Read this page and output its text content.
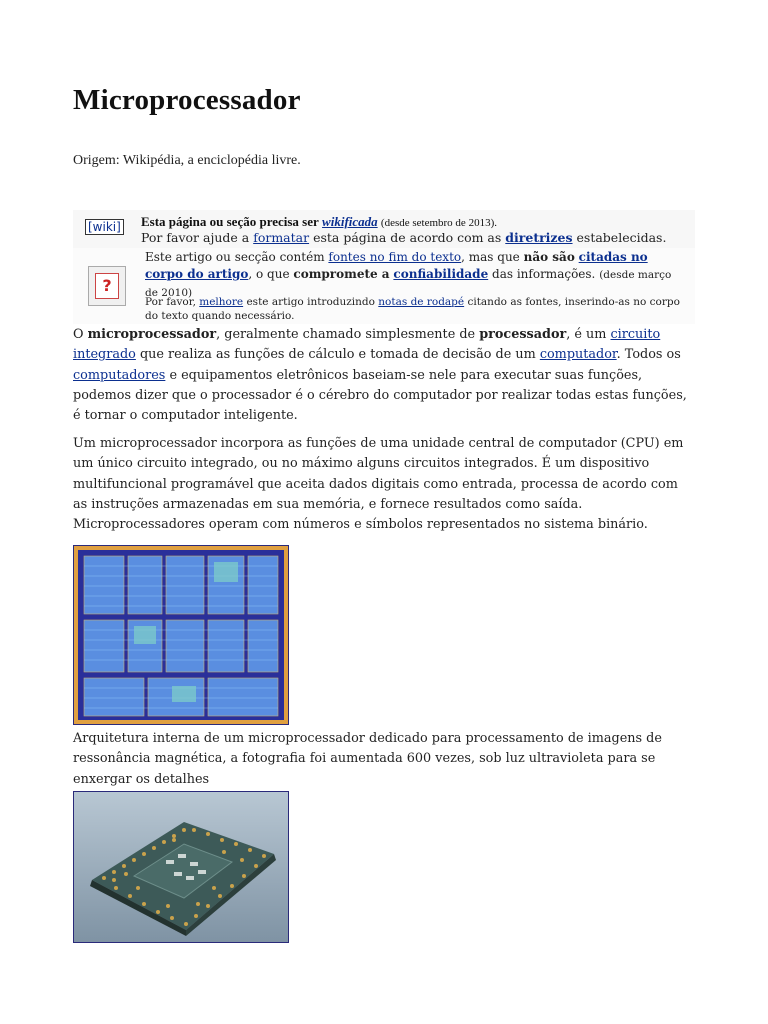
Microprocessador
Origem: Wikipédia, a enciclopédia livre.
[wiki] Esta página ou seção precisa ser wikificada (desde setembro de 2013).
Por favor ajude a formatar esta página de acordo com as diretrizes estabelecidas.
?
Este artigo ou secção contém fontes no fim do texto, mas que não são citadas no corpo do artigo, o que compromete a confiabilidade das informações. (desde março de 2010)
Por favor, melhore este artigo introduzindo notas de rodapé citando as fontes, inserindo-as no corpo do texto quando necessário.
O microprocessador, geralmente chamado simplesmente de processador, é um circuito integrado que realiza as funções de cálculo e tomada de decisão de um computador. Todos os computadores e equipamentos eletrônicos baseiam-se nele para executar suas funções, podemos dizer que o processador é o cérebro do computador por realizar todas estas funções, é tornar o computador inteligente.
Um microprocessador incorpora as funções de uma unidade central de computador (CPU) em um único circuito integrado, ou no máximo alguns circuitos integrados. É um dispositivo multifuncional programável que aceita dados digitais como entrada, processa de acordo com as instruções armazenadas em sua memória, e fornece resultados como saída. Microprocessadores operam com números e símbolos representados no sistema binário.
Arquitetura interna de um microprocessador dedicado para processamento de imagens de ressonância magnética, a fotografia foi aumentada 600 vezes, sob luz ultravioleta para se enxergar os detalhes
